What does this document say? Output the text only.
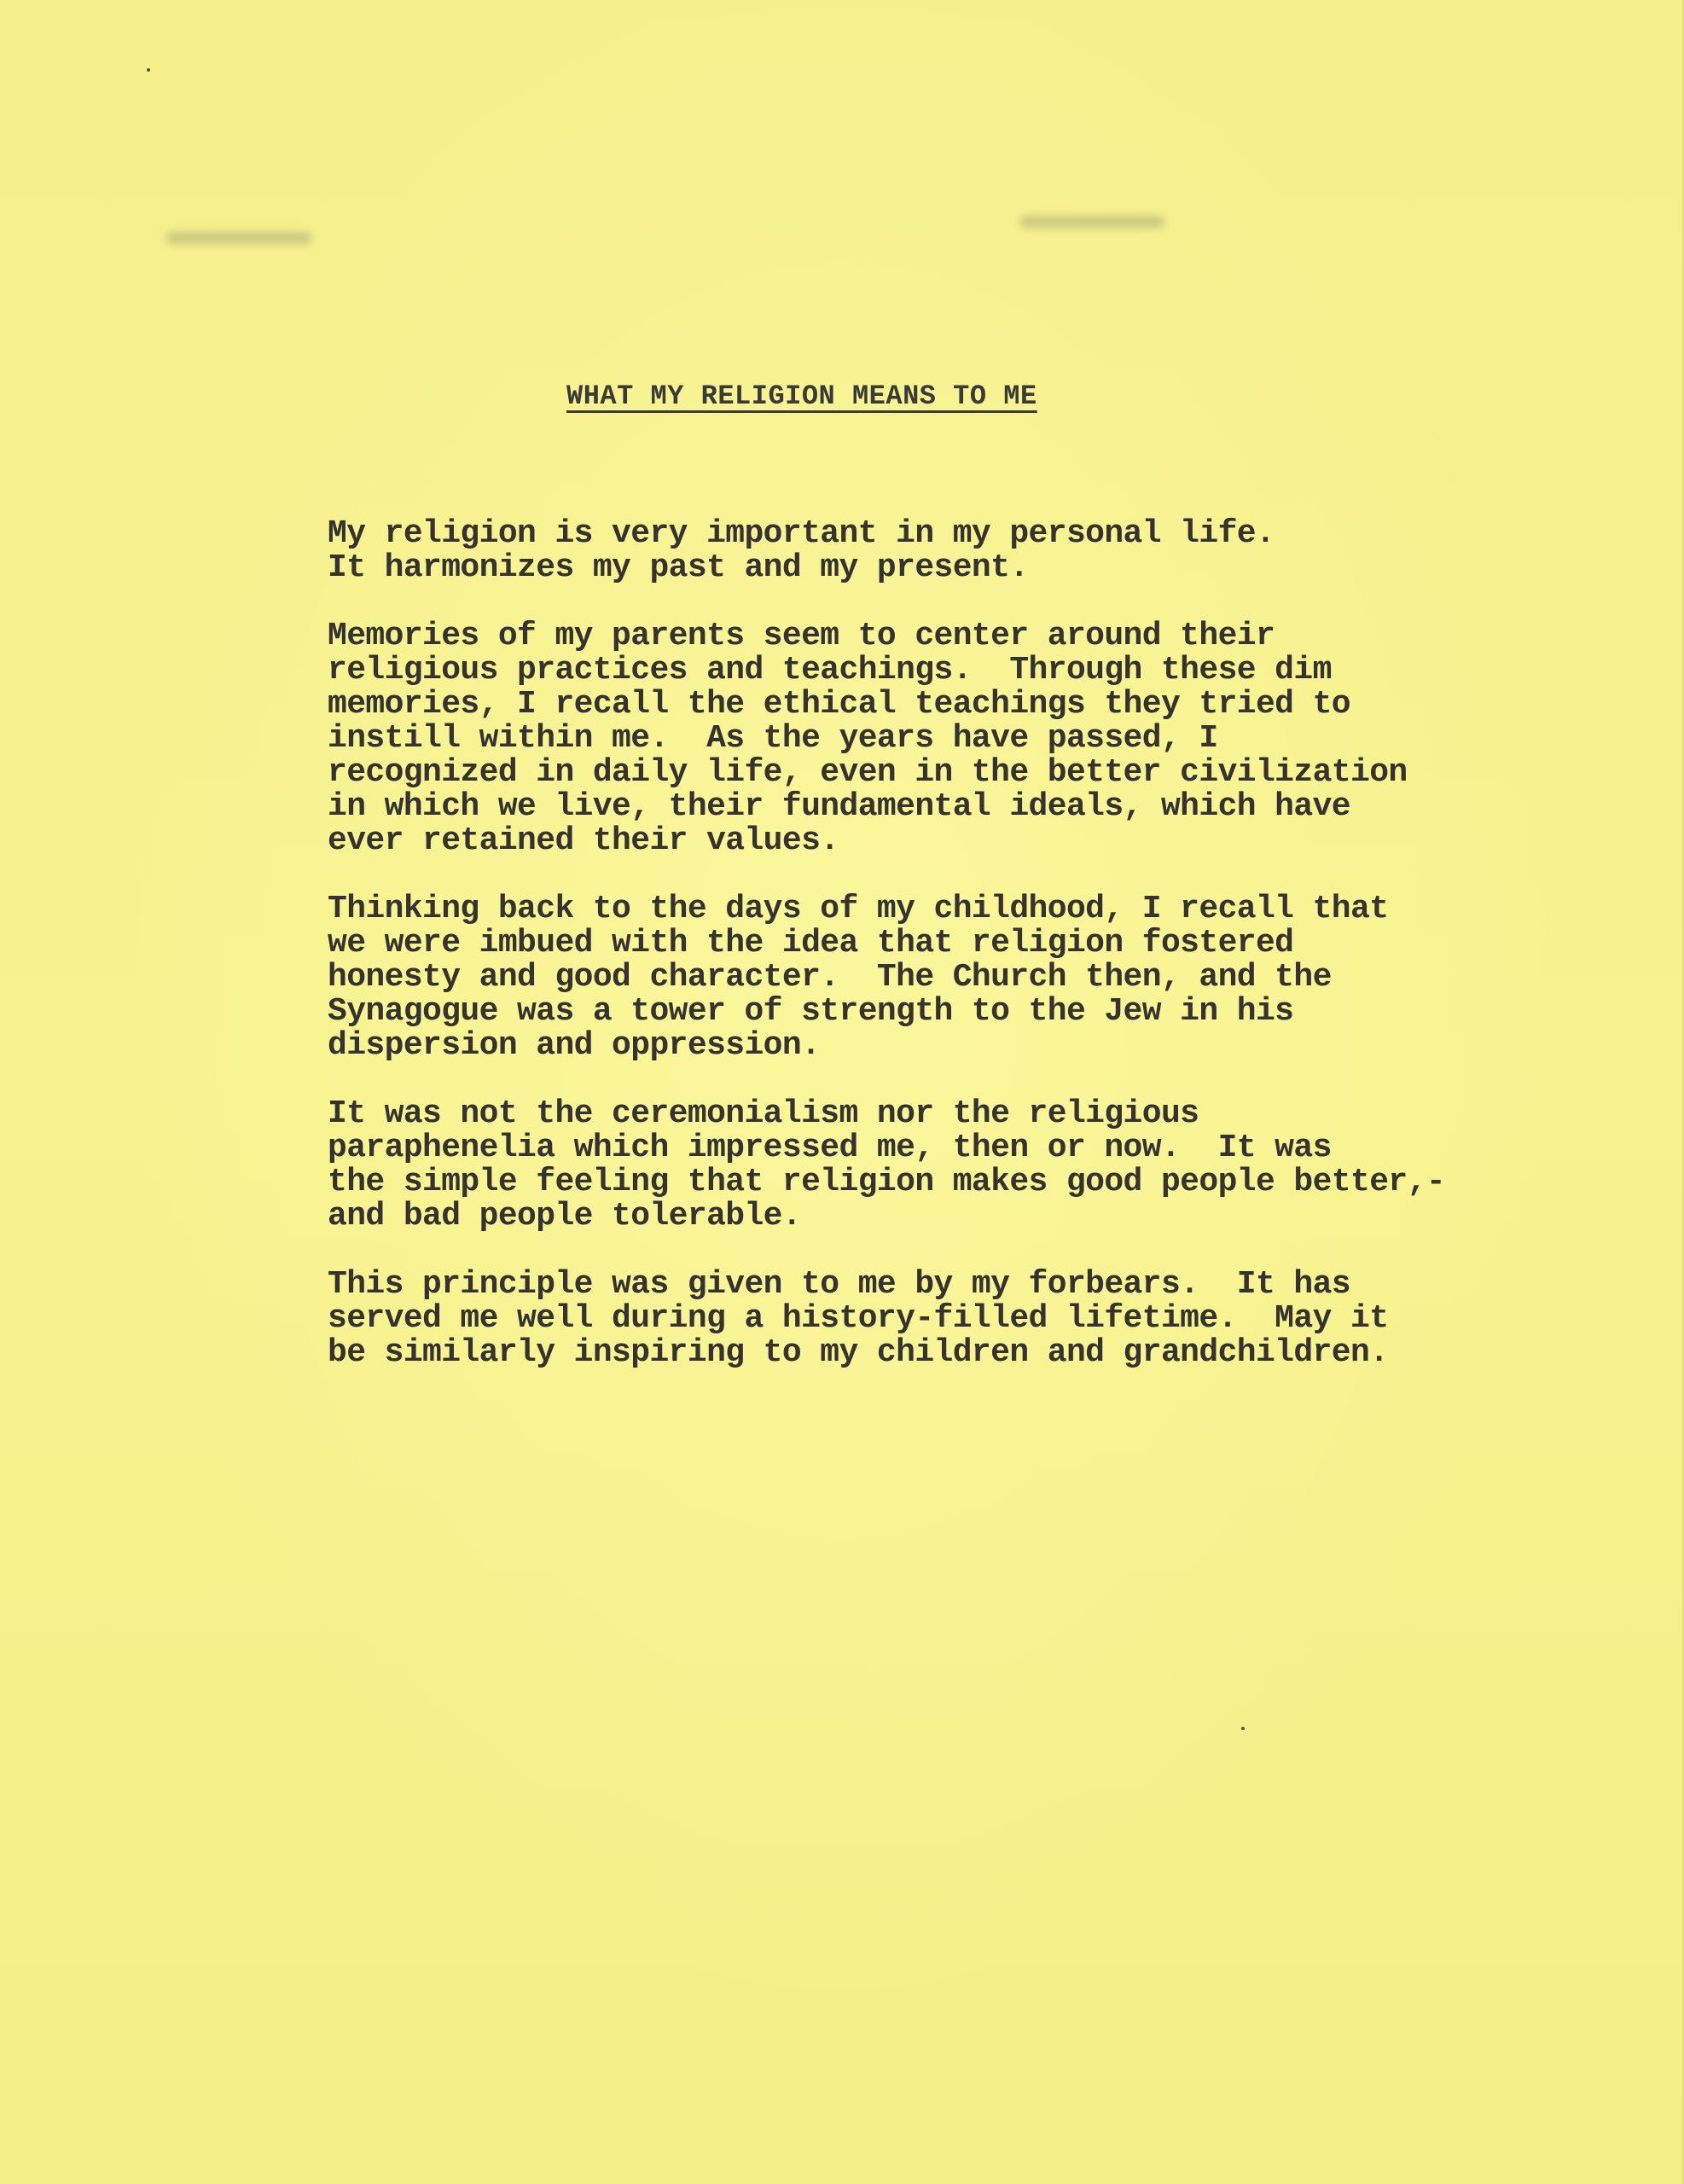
WHAT MY RELIGION MEANS TO ME

My religion is very important in my personal life.
It harmonizes my past and my present.

Memories of my parents seem to center around their
religious practices and teachings.  Through these dim
memories, I recall the ethical teachings they tried to
instill within me.  As the years have passed, I
recognized in daily life, even in the better civilization
in which we live, their fundamental ideals, which have
ever retained their values.

Thinking back to the days of my childhood, I recall that
we were imbued with the idea that religion fostered
honesty and good character.  The Church then, and the
Synagogue was a tower of strength to the Jew in his
dispersion and oppression.

It was not the ceremonialism nor the religious
paraphenelia which impressed me, then or now.  It was
the simple feeling that religion makes good people better,-
and bad people tolerable.

This principle was given to me by my forbears.  It has
served me well during a history-filled lifetime.  May it
be similarly inspiring to my children and grandchildren.
